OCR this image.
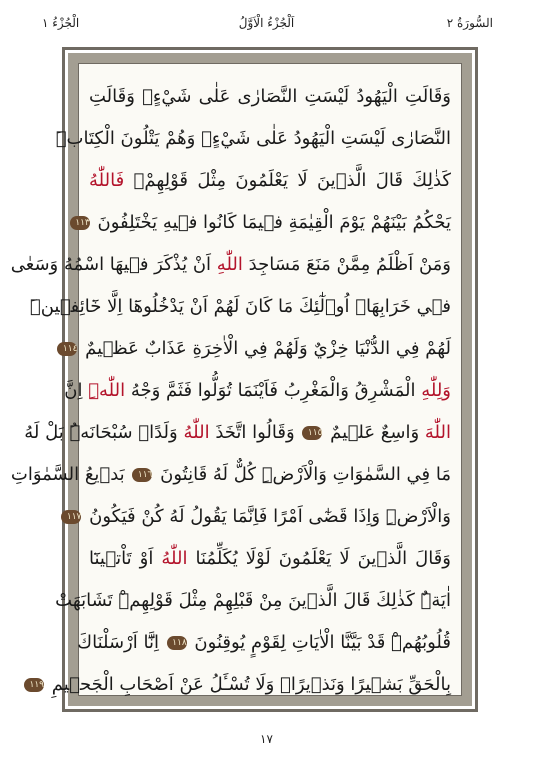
السُّورَةُ ٢
اَلْجُزْءُ الْاَوَّلُ
الْجُزْءُ ١
وَقَالَتِ الْيَهُودُ لَيْسَتِ النَّصَارٰى عَلٰى شَيْءٍۖ وَقَالَتِ
النَّصَارٰى لَيْسَتِ الْيَهُودُ عَلٰى شَيْءٍۙ وَهُمْ يَتْلُونَ الْكِتَابَۜ
كَذٰلِكَ قَالَ الَّذٖينَ لَا يَعْلَمُونَ مِثْلَ قَوْلِهِمْۚ فَاللّٰهُ
يَحْكُمُ بَيْنَهُمْ يَوْمَ الْقِيٰمَةِ فٖيمَا كَانُوا فٖيهِ يَخْتَلِفُونَ ١١٣
وَمَنْ اَظْلَمُ مِمَّنْ مَنَعَ مَسَاجِدَ اللّٰهِ اَنْ يُذْكَرَ فٖيهَا اسْمُهُ وَسَعٰى
فٖي خَرَابِهَاۜ اُو۬لٰٓئِكَ مَا كَانَ لَهُمْ اَنْ يَدْخُلُوهَٓا اِلَّا خَٓائِفٖينَۜ
لَهُمْ فِي الدُّنْيَا خِزْيٌ وَلَهُمْ فِي الْاٰخِرَةِ عَذَابٌ عَظٖيمٌ ١١٤
وَلِلّٰهِ الْمَشْرِقُ وَالْمَغْرِبُ فَاَيْنَمَا تُوَلُّوا فَثَمَّ وَجْهُ اللّٰهِۜ اِنَّ
اللّٰهَ وَاسِعٌ عَلٖيمٌ ١١٥ وَقَالُوا اتَّخَذَ اللّٰهُ وَلَدًاۙ سُبْحَانَهُۜ بَلْ لَهُ
مَا فِي السَّمٰوَاتِ وَالْاَرْضِۜ كُلٌّ لَهُ قَانِتُونَ ١١٦ بَدٖيعُ السَّمٰوَاتِ
وَالْاَرْضِۜ وَاِذَا قَضٰٓى اَمْرًا فَاِنَّمَا يَقُولُ لَهُ كُنْ فَيَكُونُ ١١٧
وَقَالَ الَّذٖينَ لَا يَعْلَمُونَ لَوْلَا يُكَلِّمُنَا اللّٰهُ اَوْ تَاْتٖينَٓا
اٰيَةٌۜ كَذٰلِكَ قَالَ الَّذٖينَ مِنْ قَبْلِهِمْ مِثْلَ قَوْلِهِمْۜ تَشَابَهَتْ
قُلُوبُهُمْۜ قَدْ بَيَّنَّا الْاٰيَاتِ لِقَوْمٍ يُوقِنُونَ ١١٨ اِنَّٓا اَرْسَلْنَاكَ
بِالْحَقِّ بَشٖيرًا وَنَذٖيرًاۙ وَلَا تُسْـَٔلُ عَنْ اَصْحَابِ الْجَحٖيمِ ١١٩
١٧
